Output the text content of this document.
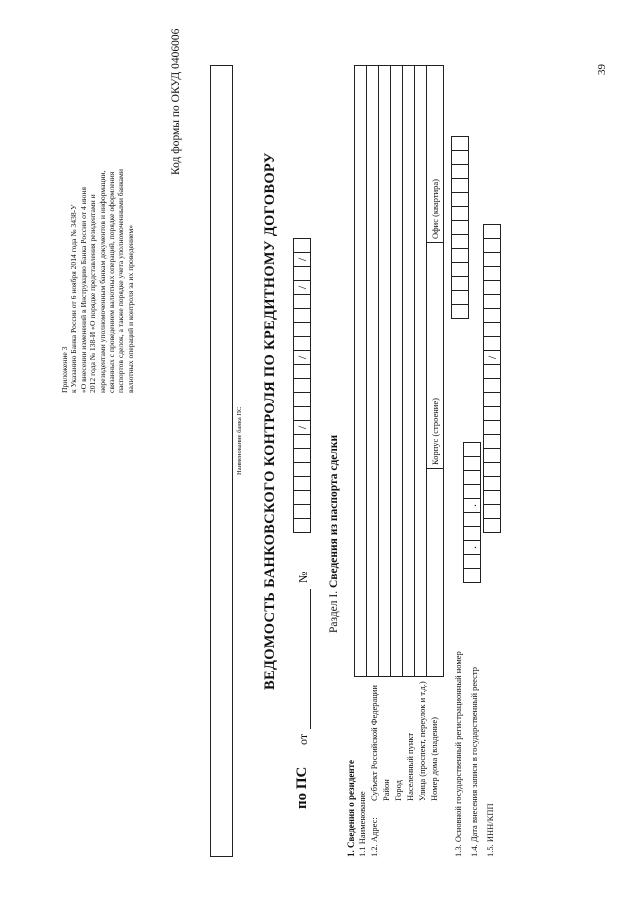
Приложение 3 к Указанию Банка России от 6 ноября 2014 года № 3438-У «О внесении изменений в Инструкцию Банка России от 4 июня 2012 года № 138-И «О порядке представления резидентами и нерезидентами уполномоченным банкам документов и информации, связанных с проведением валютных операций, порядке оформления паспортов сделок, а также порядке учета уполномоченными банками валютных операций и контроля за их проведением»
Код формы по ОКУД 0406006	39
Наименование банка ПС ВЕДОМОСТЬ БАНКОВСКОГО КОНТРОЛЯ ПО КРЕДИТНОМУ ДОГОВОРУ
по ПС
от
№
/
/
/
/
Раздел I. Сведения из паспорта сделки
1. Сведения о резиденте 1.1 Наименование 1.2. Адрес:
Субъект Российской Федерации Район Город Населенный пункт Улица (проспект, переулок и т.д.) Номер дома (владение)
Корпус (строение)
Офис (квартира)
1.3. Основной государственный регистрационный номер 1.4. Дата внесения записи в государственный реестр 1.5. ИНН/КПП
.
.
/
